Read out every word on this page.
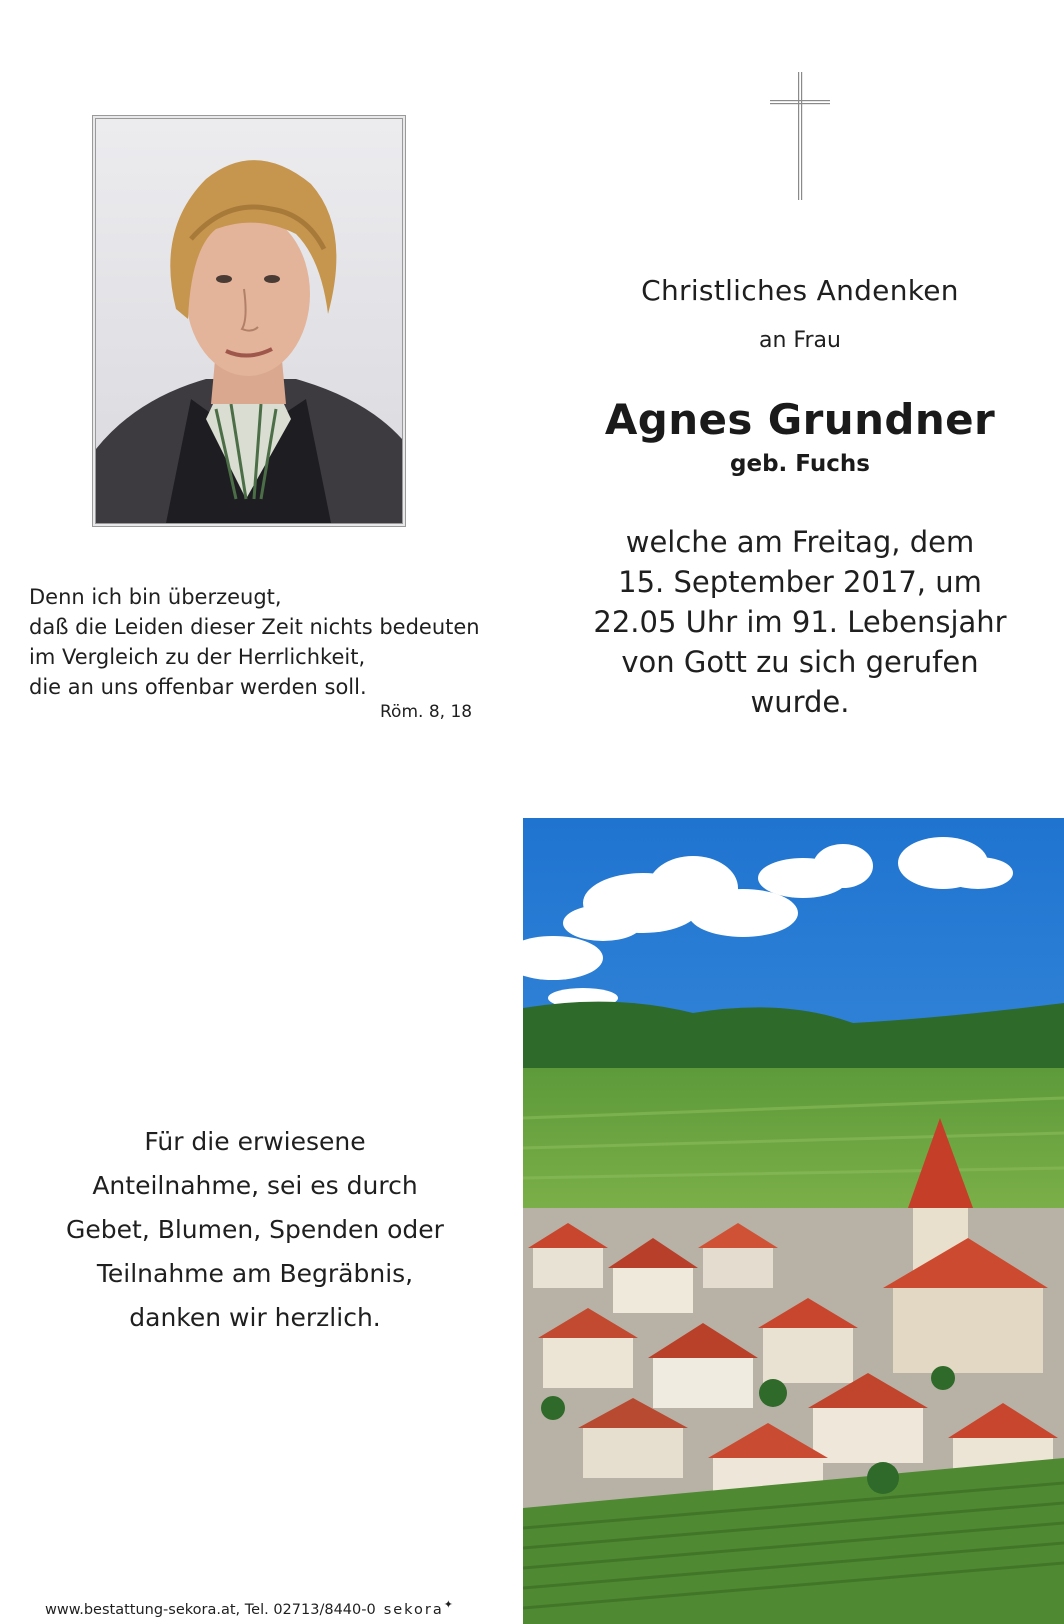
Christliches Andenken
an Frau
Agnes Grundner
geb. Fuchs
welche am Freitag, dem
15. September 2017, um
22.05 Uhr im 91. Lebensjahr
von Gott zu sich gerufen
wurde.
Denn ich bin überzeugt,
daß die Leiden dieser Zeit nichts bedeuten
im Vergleich zu der Herrlichkeit,
die an uns offenbar werden soll.
Röm. 8, 18
Für die erwiesene
Anteilnahme, sei es durch
Gebet, Blumen, Spenden oder
Teilnahme am Begräbnis,
danken wir herzlich.
www.bestattung-sekora.at, Tel. 02713/8440-0 sekora✦
